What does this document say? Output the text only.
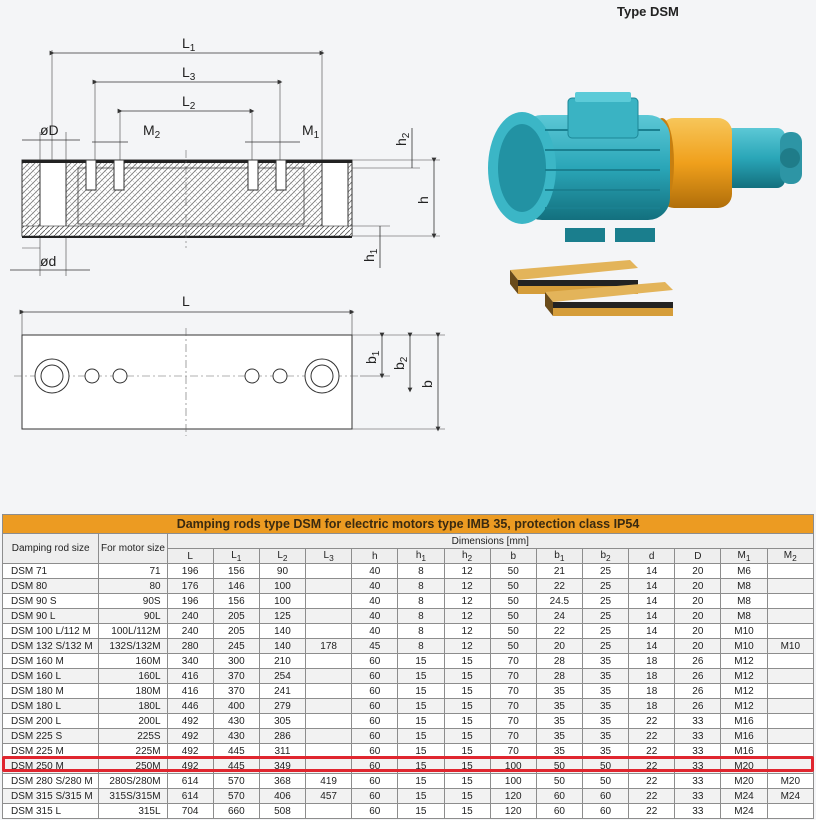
Type DSM
$L_1$
$L_3$
$L_2$
$M_2$	$M_1$
øD
ød
$h_2$
h
$h_1$
L
$b_1$
$b_2$
b
Damping rods type DSM for electric motors type IMB 35, protection class IP54															
Damping rod size	For motor size	Dimensions [mm]													
		L	$L_1$	$L_2$	$L_3$	h	$h_1$	$h_2$	b	$b_1$	$b_2$	d	D	$M_1$	$M_2$
DSM 71	71	196	156	90		40	8	12	50	21	25	14	20	M6	
DSM 80	80	176	146	100		40	8	12	50	22	25	14	20	M8	
DSM 90 S	90S	196	156	100		40	8	12	50	24.5	25	14	20	M8	
DSM 90 L	90L	240	205	125		40	8	12	50	24	25	14	20	M8	
DSM 100 L/112 M	100L/112M	240	205	140		40	8	12	50	22	25	14	20	M10	
DSM 132 S/132 M	132S/132M	280	245	140	178	45	8	12	50	20	25	14	20	M10	M10
DSM 160 M	160M	340	300	210		60	15	15	70	28	35	18	26	M12	
DSM 160 L	160L	416	370	254		60	15	15	70	28	35	18	26	M12	
DSM 180 M	180M	416	370	241		60	15	15	70	35	35	18	26	M12	
DSM 180 L	180L	446	400	279		60	15	15	70	35	35	18	26	M12	
DSM 200 L	200L	492	430	305		60	15	15	70	35	35	22	33	M16	
DSM 225 S	225S	492	430	286		60	15	15	70	35	35	22	33	M16	
DSM 225 M	225M	492	445	311		60	15	15	70	35	35	22	33	M16	
DSM 250 M	250M	492	445	349		60	15	15	100	50	50	22	33	M20	
DSM 280 S/280 M	280S/280M	614	570	368	419	60	15	15	100	50	50	22	33	M20	M20
DSM 315 S/315 M	315S/315M	614	570	406	457	60	15	15	120	60	60	22	33	M24	M24
DSM 315 L	315L	704	660	508		60	15	15	120	60	60	22	33	M24	
